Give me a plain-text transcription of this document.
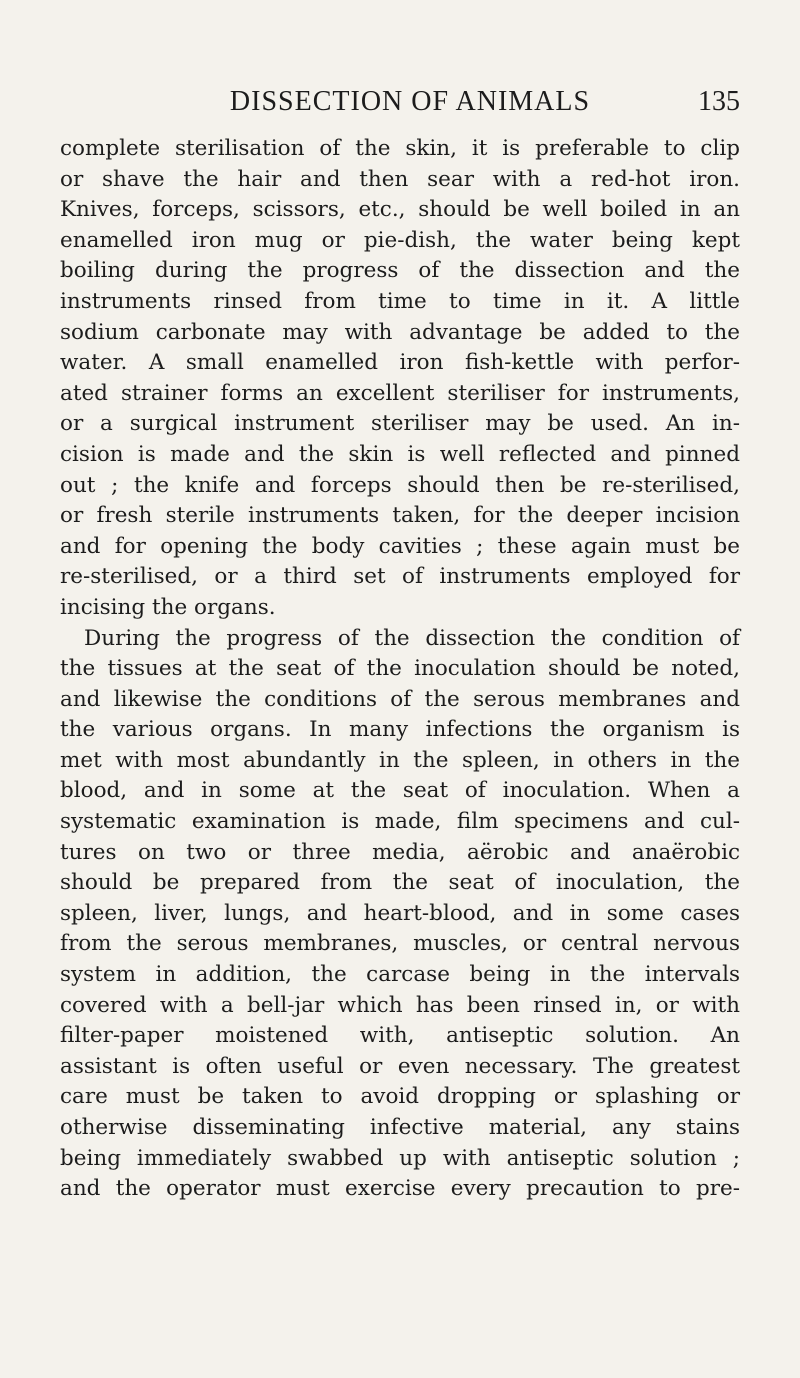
DISSECTION OF ANIMALS	135
complete sterilisation of the skin, it is preferable to clip
or shave the hair and then sear with a red-hot iron.
Knives, forceps, scissors, etc., should be well boiled in an
enamelled iron mug or pie-dish, the water being kept
boiling during the progress of the dissection and the
instruments rinsed from time to time in it. A little
sodium carbonate may with advantage be added to the
water. A small enamelled iron fish-kettle with perfor-
ated strainer forms an excellent steriliser for instruments,
or a surgical instrument steriliser may be used. An in-
cision is made and the skin is well reflected and pinned
out ; the knife and forceps should then be re-sterilised,
or fresh sterile instruments taken, for the deeper incision
and for opening the body cavities ; these again must be
re-sterilised, or a third set of instruments employed for
incising the organs.
During the progress of the dissection the condition of
the tissues at the seat of the inoculation should be noted,
and likewise the conditions of the serous membranes and
the various organs. In many infections the organism is
met with most abundantly in the spleen, in others in the
blood, and in some at the seat of inoculation. When a
systematic examination is made, film specimens and cul-
tures on two or three media, aërobic and anaërobic
should be prepared from the seat of inoculation, the
spleen, liver, lungs, and heart-blood, and in some cases
from the serous membranes, muscles, or central nervous
system in addition, the carcase being in the intervals
covered with a bell-jar which has been rinsed in, or with
filter-paper moistened with, antiseptic solution. An
assistant is often useful or even necessary. The greatest
care must be taken to avoid dropping or splashing or
otherwise disseminating infective material, any stains
being immediately swabbed up with antiseptic solution ;
and the operator must exercise every precaution to pre-
